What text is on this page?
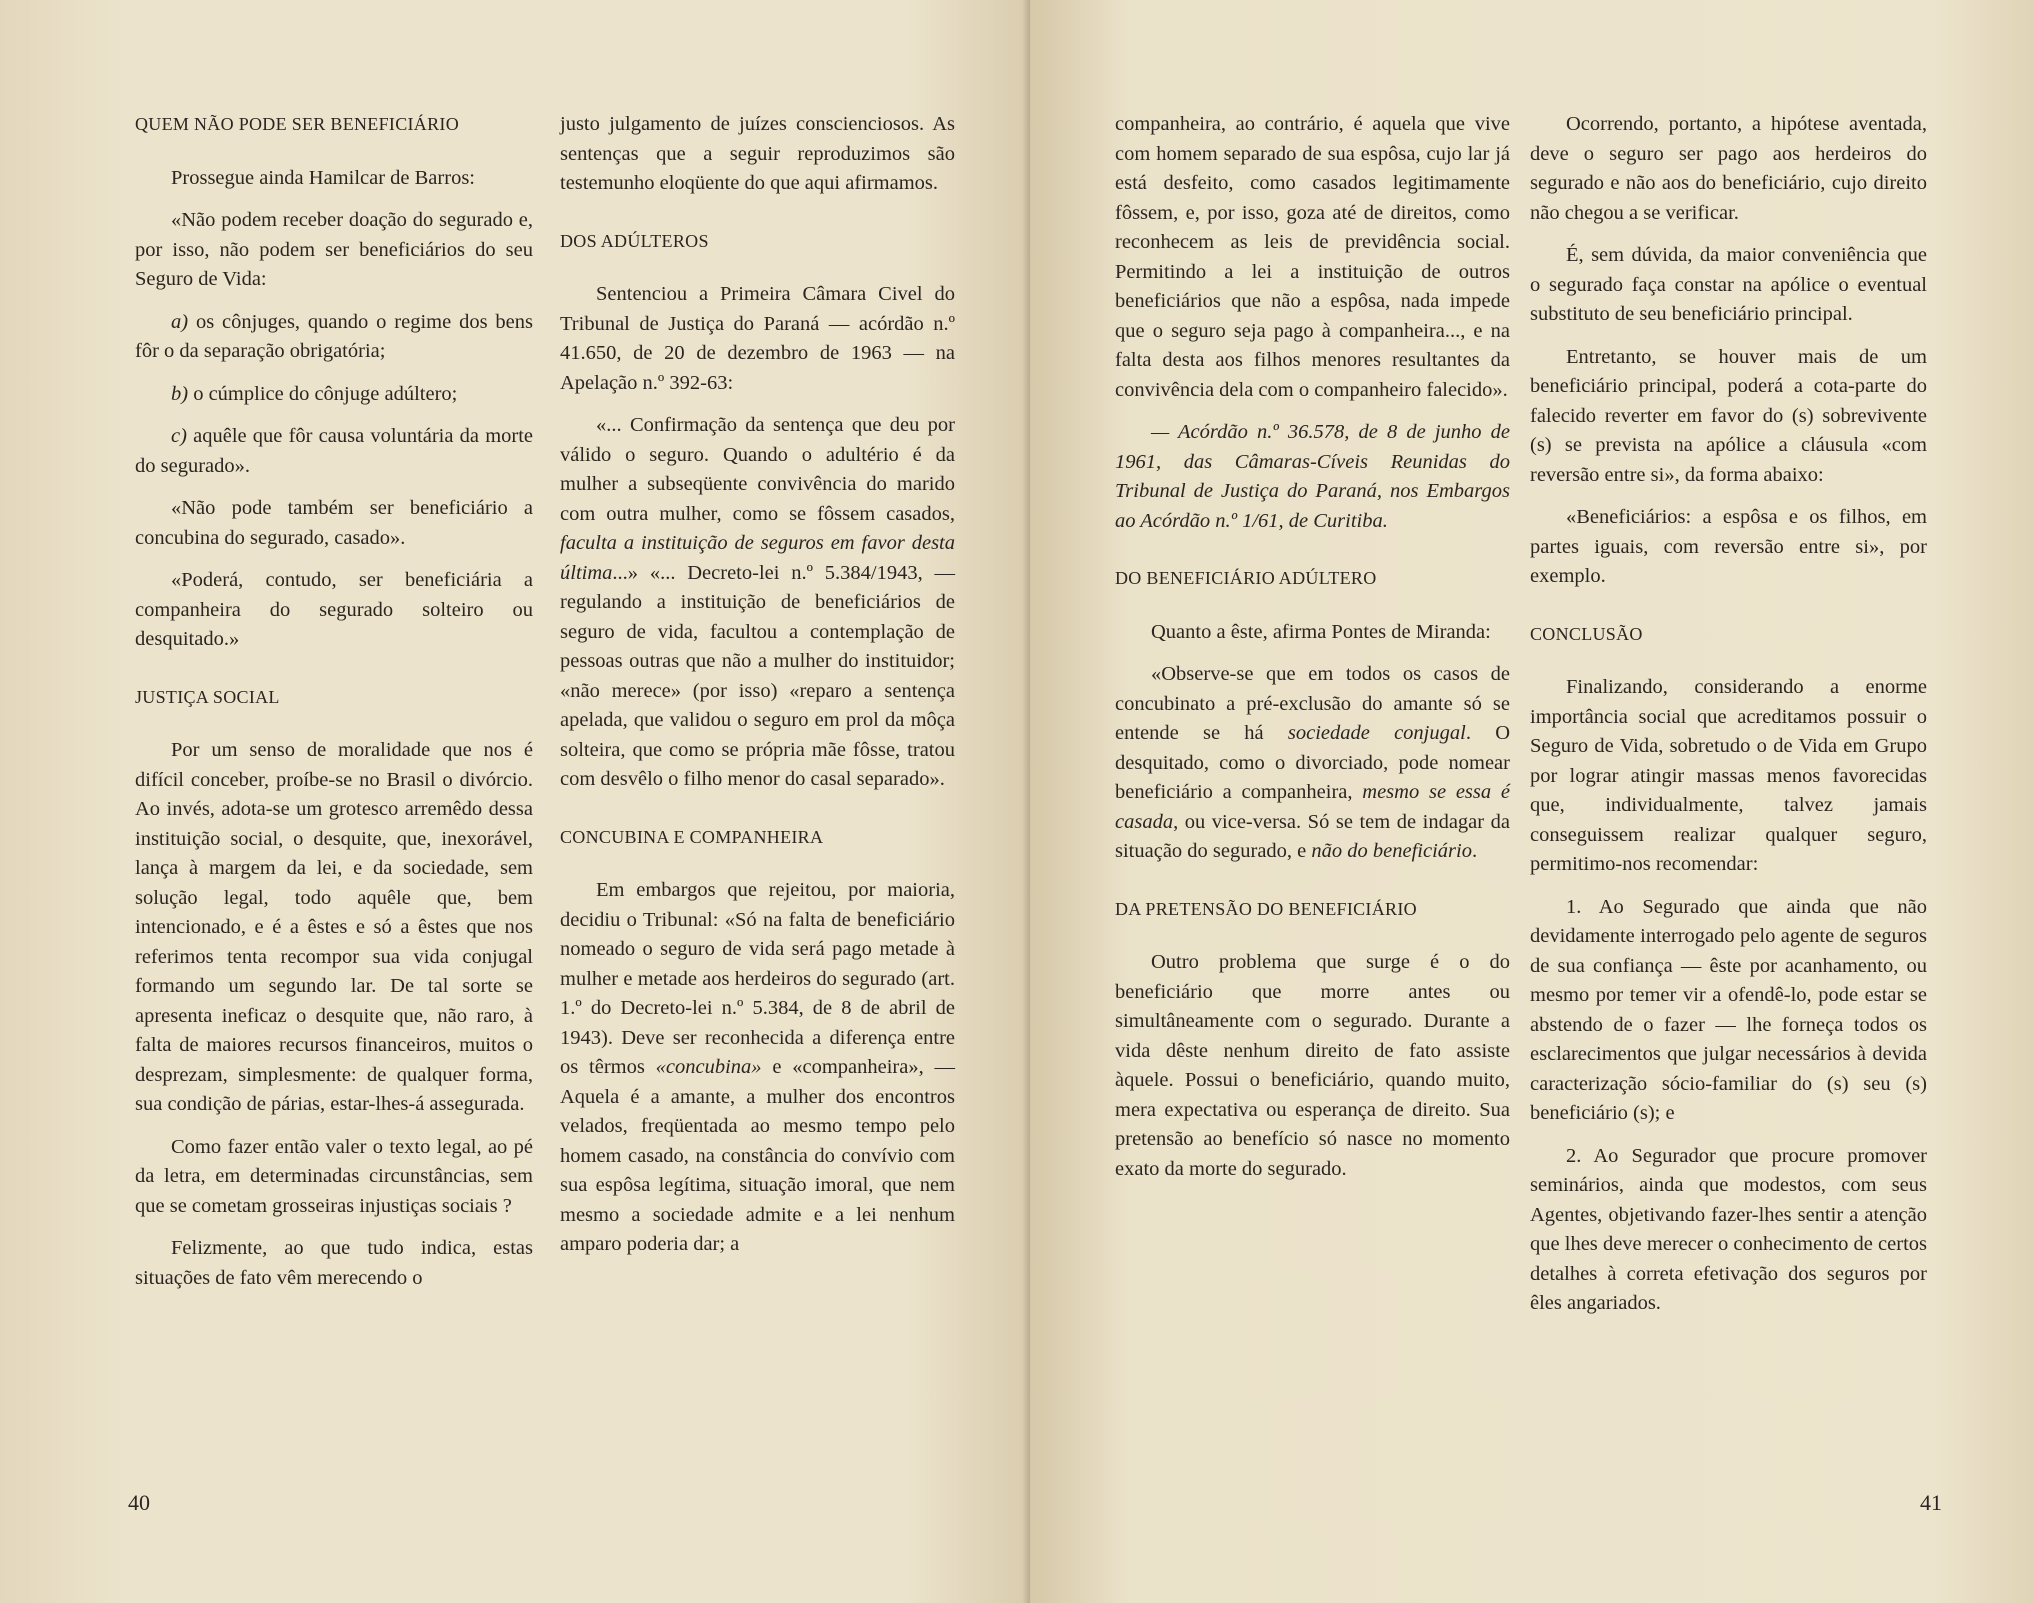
QUEM NÃO PODE SER BENEFICIÁRIO

Prossegue ainda Hamilcar de Barros:

«Não podem receber doação do segurado e, por isso, não podem ser beneficiários do seu Seguro de Vida:

a) os cônjuges, quando o regime dos bens fôr o da separação obrigatória;

b) o cúmplice do cônjuge adúltero;

c) aquêle que fôr causa voluntária da morte do segurado».

«Não pode também ser beneficiário a concubina do segurado, casado».

«Poderá, contudo, ser beneficiária a companheira do segurado solteiro ou desquitado.»

JUSTIÇA SOCIAL

Por um senso de moralidade que nos é difícil conceber, proíbe-se no Brasil o divórcio. Ao invés, adota-se um grotesco arremêdo dessa instituição social, o desquite, que, inexorável, lança à margem da lei, e da sociedade, sem solução legal, todo aquêle que, bem intencionado, e é a êstes e só a êstes que nos referimos tenta recompor sua vida conjugal formando um segundo lar. De tal sorte se apresenta ineficaz o desquite que, não raro, à falta de maiores recursos financeiros, muitos o desprezam, simplesmente: de qualquer forma, sua condição de párias, estar-lhes-á assegurada.

Como fazer então valer o texto legal, ao pé da letra, em determinadas circunstâncias, sem que se cometam grosseiras injustiças sociais ?

Felizmente, ao que tudo indica, estas situações de fato vêm merecendo o

justo julgamento de juízes conscienciosos. As sentenças que a seguir reproduzimos são testemunho eloqüente do que aqui afirmamos.

DOS ADÚLTEROS

Sentenciou a Primeira Câmara Civel do Tribunal de Justiça do Paraná — acórdão n.º 41.650, de 20 de dezembro de 1963 — na Apelação n.º 392-63:

«... Confirmação da sentença que deu por válido o seguro. Quando o adultério é da mulher a subseqüente convivência do marido com outra mulher, como se fôssem casados, faculta a instituição de seguros em favor desta última...» «... Decreto-lei n.º 5.384/1943, — regulando a instituição de beneficiários de seguro de vida, facultou a contemplação de pessoas outras que não a mulher do instituidor; «não merece» (por isso) «reparo a sentença apelada, que validou o seguro em prol da môça solteira, que como se própria mãe fôsse, tratou com desvêlo o filho menor do casal separado».

CONCUBINA E COMPANHEIRA

Em embargos que rejeitou, por maioria, decidiu o Tribunal: «Só na falta de beneficiário nomeado o seguro de vida será pago metade à mulher e metade aos herdeiros do segurado (art. 1.º do Decreto-lei n.º 5.384, de 8 de abril de 1943). Deve ser reconhecida a diferença entre os têrmos «concubina» e «companheira», — Aquela é a amante, a mulher dos encontros velados, freqüentada ao mesmo tempo pelo homem casado, na constância do convívio com sua espôsa legítima, situação imoral, que nem mesmo a sociedade admite e a lei nenhum amparo poderia dar; a

40

companheira, ao contrário, é aquela que vive com homem separado de sua espôsa, cujo lar já está desfeito, como casados legitimamente fôssem, e, por isso, goza até de direitos, como reconhecem as leis de previdência social. Permitindo a lei a instituição de outros beneficiários que não a espôsa, nada impede que o seguro seja pago à companheira..., e na falta desta aos filhos menores resultantes da convivência dela com o companheiro falecido».

— Acórdão n.º 36.578, de 8 de junho de 1961, das Câmaras-Cíveis Reunidas do Tribunal de Justiça do Paraná, nos Embargos ao Acórdão n.º 1/61, de Curitiba.

DO BENEFICIÁRIO ADÚLTERO

Quanto a êste, afirma Pontes de Miranda:

«Observe-se que em todos os casos de concubinato a pré-exclusão do amante só se entende se há sociedade conjugal. O desquitado, como o divorciado, pode nomear beneficiário a companheira, mesmo se essa é casada, ou vice-versa. Só se tem de indagar da situação do segurado, e não do beneficiário.

DA PRETENSÃO DO BENEFICIÁRIO

Outro problema que surge é o do beneficiário que morre antes ou simultâneamente com o segurado. Durante a vida dêste nenhum direito de fato assiste àquele. Possui o beneficiário, quando muito, mera expectativa ou esperança de direito. Sua pretensão ao benefício só nasce no momento exato da morte do segurado.

Ocorrendo, portanto, a hipótese aventada, deve o seguro ser pago aos herdeiros do segurado e não aos do beneficiário, cujo direito não chegou a se verificar.

É, sem dúvida, da maior conveniência que o segurado faça constar na apólice o eventual substituto de seu beneficiário principal.

Entretanto, se houver mais de um beneficiário principal, poderá a cota-parte do falecido reverter em favor do (s) sobrevivente (s) se prevista na apólice a cláusula «com reversão entre si», da forma abaixo:

«Beneficiários: a espôsa e os filhos, em partes iguais, com reversão entre si», por exemplo.

CONCLUSÃO

Finalizando, considerando a enorme importância social que acreditamos possuir o Seguro de Vida, sobretudo o de Vida em Grupo por lograr atingir massas menos favorecidas que, individualmente, talvez jamais conseguissem realizar qualquer seguro, permitimo-nos recomendar:

1. Ao Segurado que ainda que não devidamente interrogado pelo agente de seguros de sua confiança — êste por acanhamento, ou mesmo por temer vir a ofendê-lo, pode estar se abstendo de o fazer — lhe forneça todos os esclarecimentos que julgar necessários à devida caracterização sócio-familiar do (s) seu (s) beneficiário (s); e

2. Ao Segurador que procure promover seminários, ainda que modestos, com seus Agentes, objetivando fazer-lhes sentir a atenção que lhes deve merecer o conhecimento de certos detalhes à correta efetivação dos seguros por êles angariados.

41
